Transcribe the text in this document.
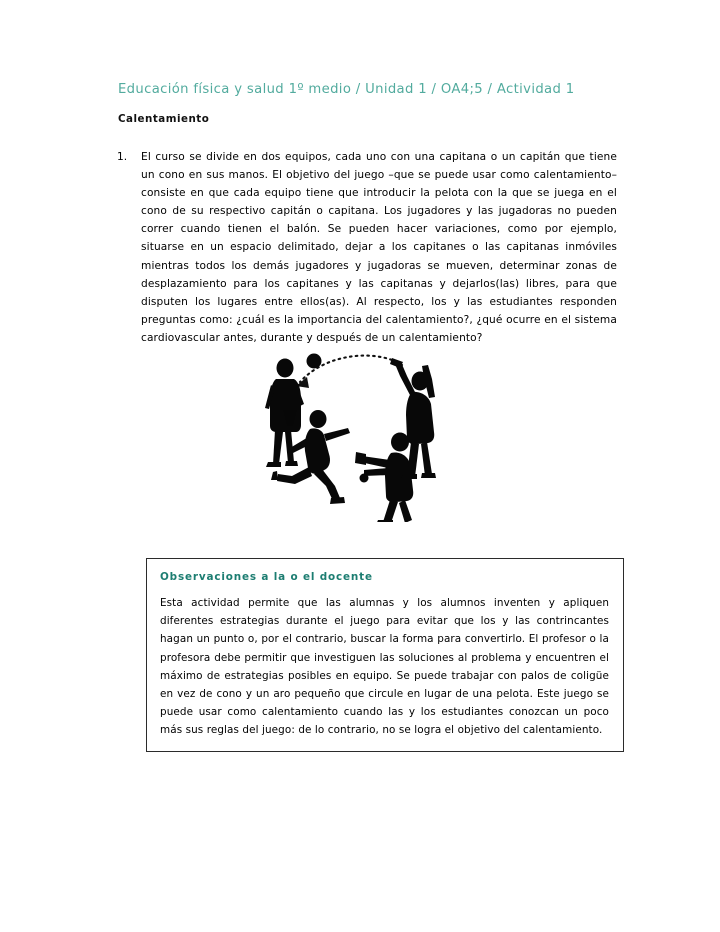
Educación física y salud 1º medio / Unidad 1 / OA4;5 / Actividad 1
Calentamiento
1.	El curso se divide en dos equipos, cada uno con una capitana o un capitán que tiene un cono en sus manos. El objetivo del juego –que se puede usar como calentamiento– consiste en que cada equipo tiene que introducir la pelota con la que se juega en el cono de su respectivo capitán o capitana. Los jugadores y las jugadoras no pueden correr cuando tienen el balón. Se pueden hacer variaciones, como por ejemplo, situarse en un espacio delimitado, dejar a los capitanes o las capitanas inmóviles mientras todos los demás jugadores y jugadoras se mueven, determinar zonas de desplazamiento para los capitanes y las capitanas y dejarlos(las) libres, para que disputen los lugares entre ellos(as). Al respecto, los y las estudiantes responden preguntas como: ¿cuál es la importancia del calentamiento?, ¿qué ocurre en el sistema cardiovascular antes, durante y después de un calentamiento?
Observaciones a la o el docente
Esta actividad permite que las alumnas y los alumnos inventen y apliquen diferentes estrategias durante el juego para evitar que los y las contrincantes hagan un punto o, por el contrario, buscar la forma para convertirlo. El profesor o la profesora debe permitir que investiguen las soluciones al problema y encuentren el máximo de estrategias posibles en equipo. Se puede trabajar con palos de coligüe en vez de cono y un aro pequeño que circule en lugar de una pelota. Este juego se puede usar como calentamiento cuando las y los estudiantes conozcan un poco más sus reglas del juego: de lo contrario, no se logra el objetivo del calentamiento.
